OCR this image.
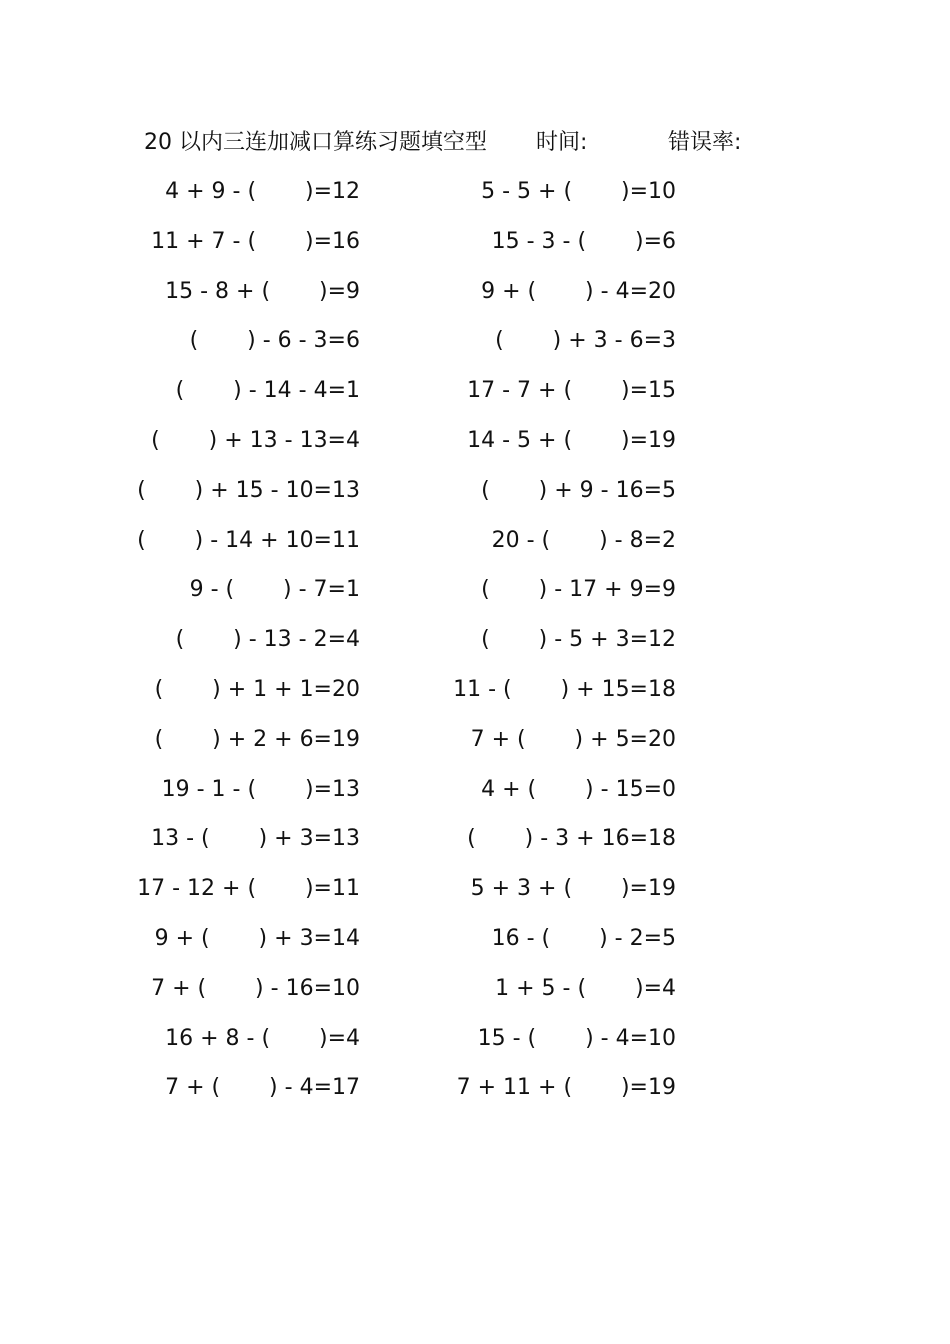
20 以内三连加减口算练习题填空型 时间:	错误率:
4 + 9 - (       )=12
11 + 7 - (       )=16
15 - 8 + (       )=9
(       ) - 6 - 3=6
(       ) - 14 - 4=1
(       ) + 13 - 13=4
(       ) + 15 - 10=13
(       ) - 14 + 10=11
9 - (       ) - 7=1
(       ) - 13 - 2=4
(       ) + 1 + 1=20
(       ) + 2 + 6=19
19 - 1 - (       )=13
13 - (       ) + 3=13
17 - 12 + (       )=11
9 + (       ) + 3=14
7 + (       ) - 16=10
16 + 8 - (       )=4
7 + (       ) - 4=17
5 - 5 + (       )=10
15 - 3 - (       )=6
9 + (       ) - 4=20
(       ) + 3 - 6=3
17 - 7 + (       )=15
14 - 5 + (       )=19
(       ) + 9 - 16=5
20 - (       ) - 8=2
(       ) - 17 + 9=9
(       ) - 5 + 3=12
11 - (       ) + 15=18
7 + (       ) + 5=20
4 + (       ) - 15=0
(       ) - 3 + 16=18
5 + 3 + (       )=19
16 - (       ) - 2=5
1 + 5 - (       )=4
15 - (       ) - 4=10
7 + 11 + (       )=19
